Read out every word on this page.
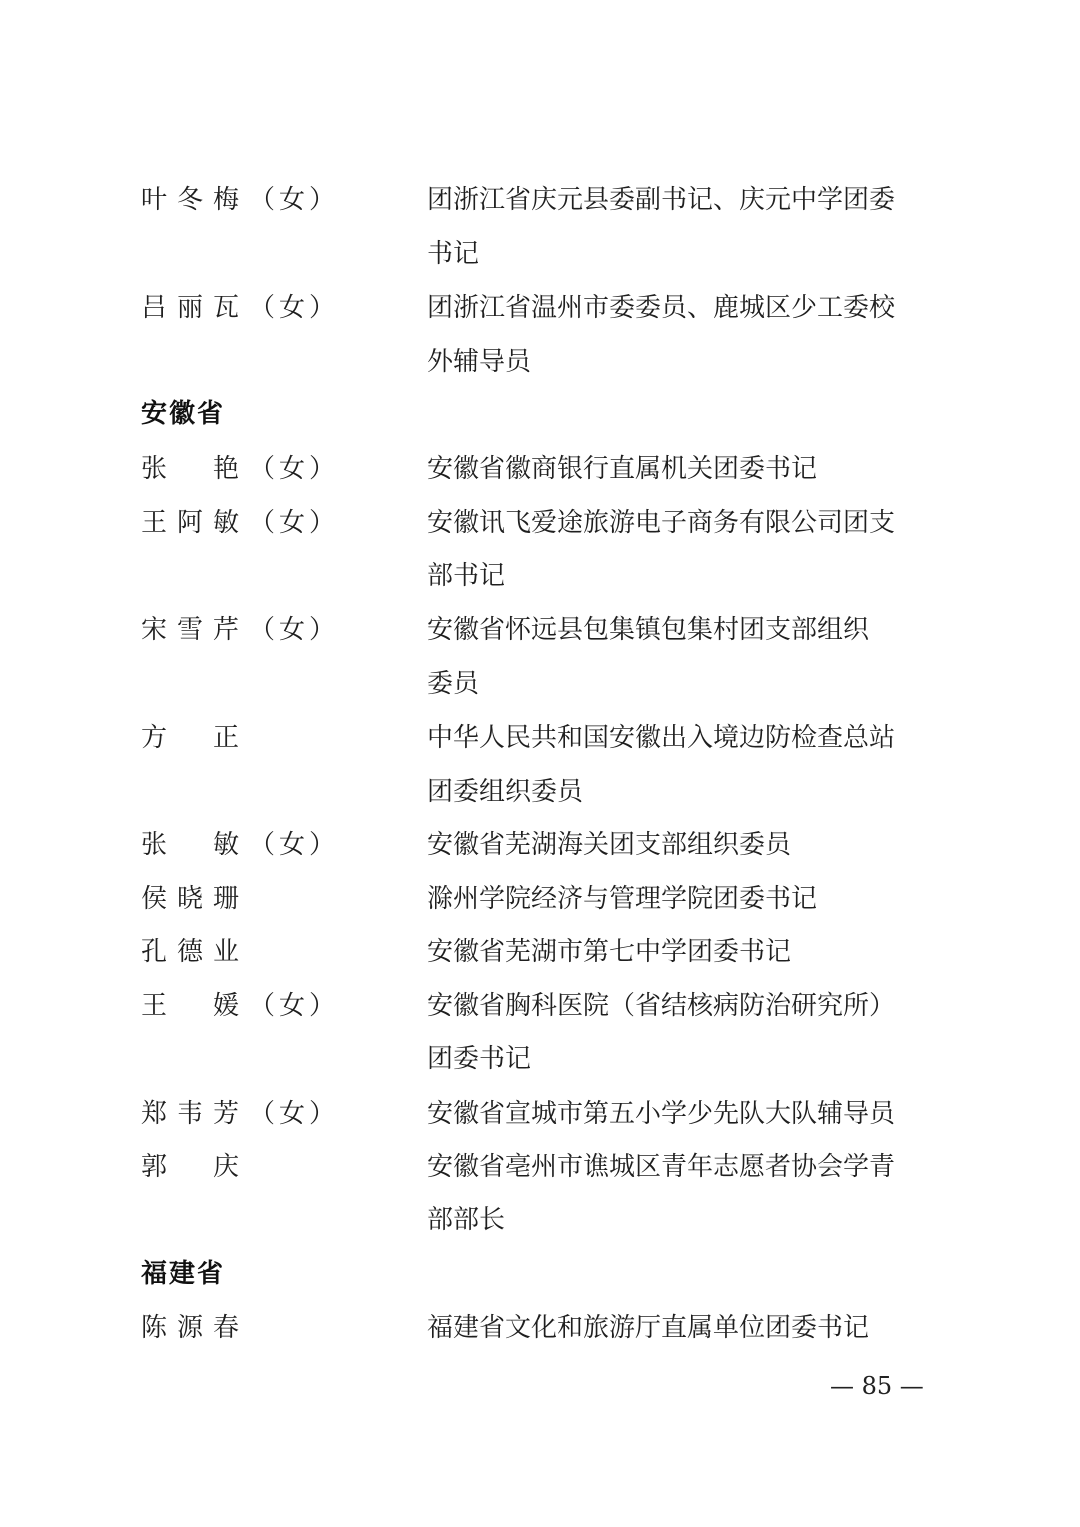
叶冬梅（女）	团浙江省庆元县委副书记、庆元中学团委
书记
吕丽瓦（女）	团浙江省温州市委委员、鹿城区少工委校
外辅导员
安徽省
张　艳（女）	安徽省徽商银行直属机关团委书记
王阿敏（女）	安徽讯飞爱途旅游电子商务有限公司团支
部书记
宋雪芹（女）	安徽省怀远县包集镇包集村团支部组织
委员
方　正	中华人民共和国安徽出入境边防检查总站
团委组织委员
张　敏（女）	安徽省芜湖海关团支部组织委员
侯晓珊	滁州学院经济与管理学院团委书记
孔德业	安徽省芜湖市第七中学团委书记
王　媛（女）	安徽省胸科医院（省结核病防治研究所）
团委书记
郑韦芳（女）	安徽省宣城市第五小学少先队大队辅导员
郭　庆	安徽省亳州市谯城区青年志愿者协会学青
部部长
福建省
陈源春	福建省文化和旅游厅直属单位团委书记
— 85 —
